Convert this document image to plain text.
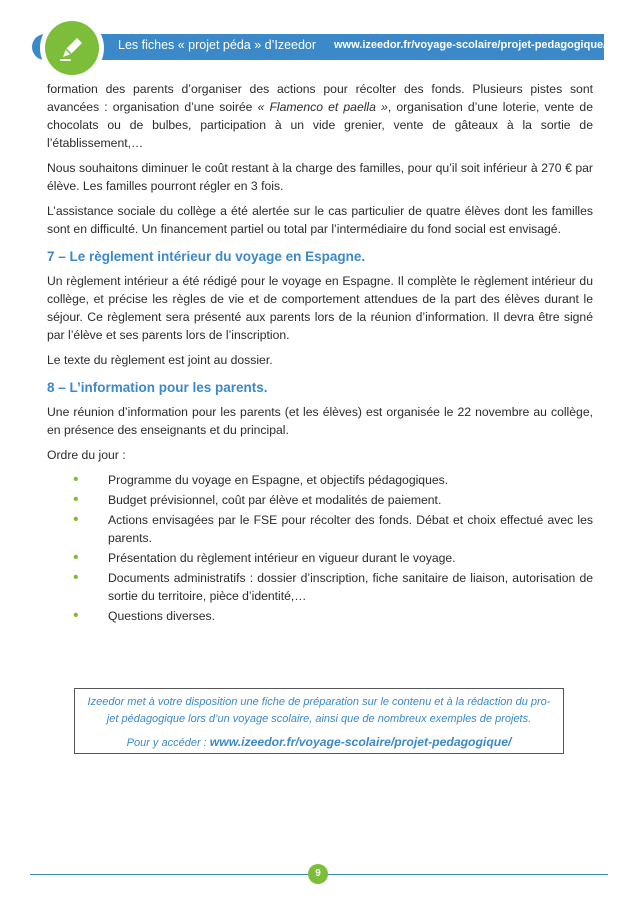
Les fiches « projet péda » d’Izeedor www.izeedor.fr/voyage-scolaire/projet-pedagogique/

formation des parents d’organiser des actions pour récolter des fonds. Plusieurs pistes sont avancées : organisation d’une soirée « Flamenco et paella », organisation d’une loterie, vente de chocolats ou de bulbes, participation à un vide grenier, vente de gâteaux à la sortie de l’établissement,…

Nous souhaitons diminuer le coût restant à la charge des familles, pour qu’il soit inférieur à 270 € par élève. Les familles pourront régler en 3 fois.

L’assistance sociale du collège a été alertée sur le cas particulier de quatre élèves dont les familles sont en difficulté. Un financement partiel ou total par l’intermédiaire du fond social est envisagé.

7 – Le règlement intérieur du voyage en Espagne.

Un règlement intérieur a été rédigé pour le voyage en Espagne. Il complète le règlement intérieur du collège, et précise les règles de vie et de comportement attendues de la part des élèves durant le séjour. Ce règlement sera présenté aux parents lors de la réunion d’information. Il devra être signé par l’élève et ses parents lors de l’inscription.

Le texte du règlement est joint au dossier.

8 – L’information pour les parents.

Une réunion d’information pour les parents (et les élèves) est organisée le 22 novembre au collège, en présence des enseignants et du principal.

Ordre du jour :

• Programme du voyage en Espagne, et objectifs pédagogiques.
• Budget prévisionnel, coût par élève et modalités de paiement.
• Actions envisagées par le FSE pour récolter des fonds. Débat et choix effectué avec les parents.
• Présentation du règlement intérieur en vigueur durant le voyage.
• Documents administratifs : dossier d’inscription, fiche sanitaire de liaison, autorisation de sortie du territoire, pièce d’identité,…
• Questions diverses.
Izeedor met à votre disposition une fiche de préparation sur le contenu et à la rédaction du pro-
jet pédagogique lors d’un voyage scolaire, ainsi que de nombreux exemples de projets.
Pour y accéder : www.izeedor.fr/voyage-scolaire/projet-pedagogique/
9
